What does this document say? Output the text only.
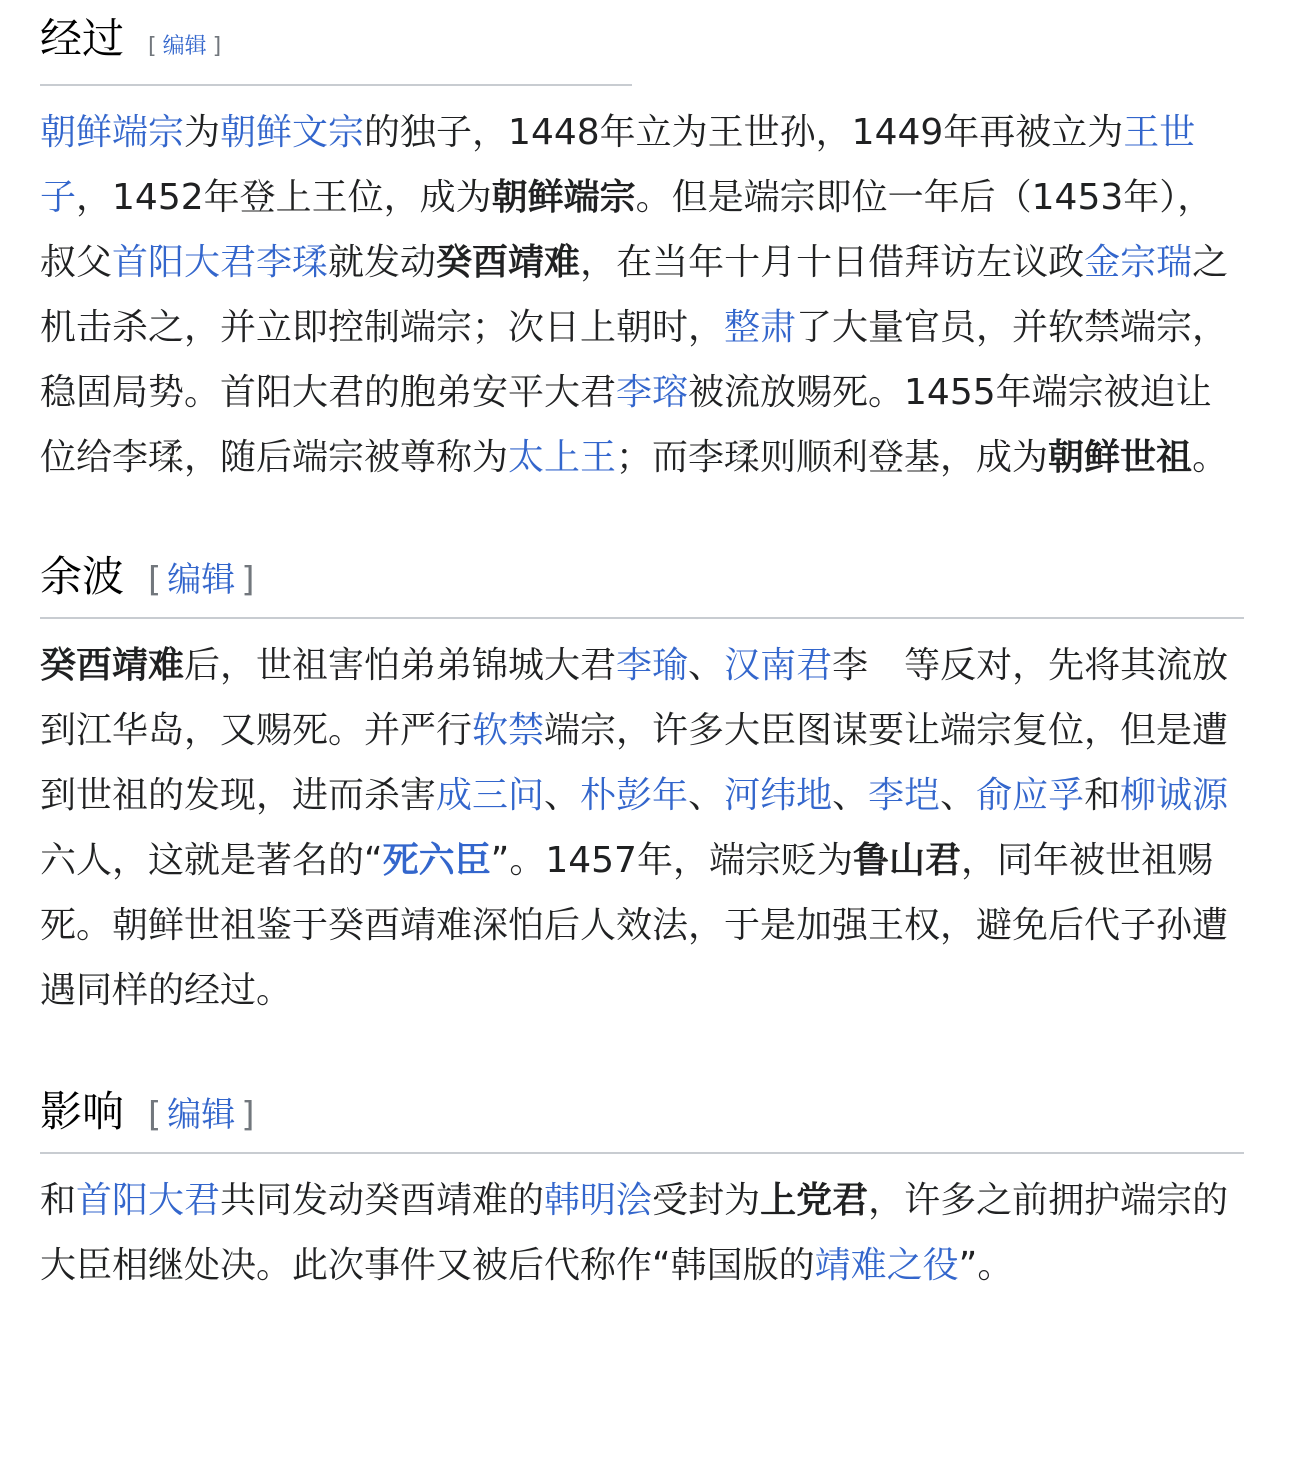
经过 [ 编辑 ]

朝鲜端宗为朝鲜文宗的独子，1448年立为王世孙，1449年再被立为王世子，1452年登上王位，成为朝鲜端宗。但是端宗即位一年后（1453年），叔父首阳大君李瑈就发动癸酉靖难，在当年十月十日借拜访左议政金宗瑞之机击杀之，并立即控制端宗；次日上朝时，整肃了大量官员，并软禁端宗，稳固局势。首阳大君的胞弟安平大君李瑢被流放赐死。1455年端宗被迫让位给李瑈，随后端宗被尊称为太上王；而李瑈则顺利登基，成为朝鲜世祖。

余波 [ 编辑 ]

癸酉靖难后，世祖害怕弟弟锦城大君李瑜、汉南君李　等反对，先将其流放到江华岛，又赐死。并严行软禁端宗，许多大臣图谋要让端宗复位，但是遭到世祖的发现，进而杀害成三问、朴彭年、河纬地、李垲、俞应孚和柳诚源六人，这就是著名的“死六臣”。1457年，端宗贬为鲁山君，同年被世祖赐死。朝鲜世祖鉴于癸酉靖难深怕后人效法，于是加强王权，避免后代子孙遭遇同样的经过。

影响 [ 编辑 ]

和首阳大君共同发动癸酉靖难的韩明浍受封为上党君，许多之前拥护端宗的大臣相继处决。此次事件又被后代称作“韩国版的靖难之役”。
